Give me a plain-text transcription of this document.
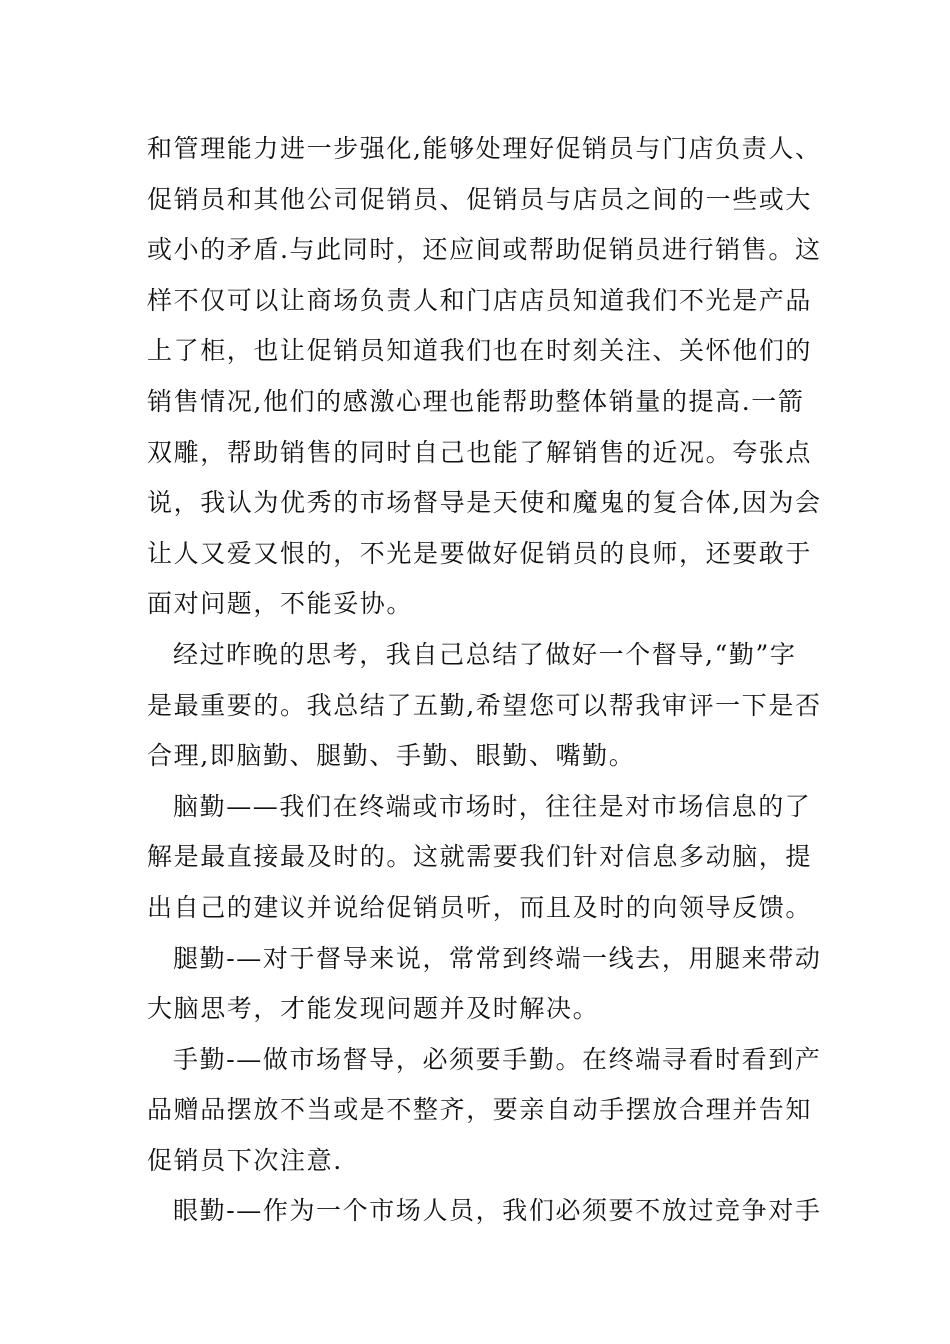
和管理能力进一步强化,能够处理好促销员与门店负责人、
促销员和其他公司促销员、促销员与店员之间的一些或大
或小的矛盾.与此同时，还应间或帮助促销员进行销售。这
样不仅可以让商场负责人和门店店员知道我们不光是产品
上了柜，也让促销员知道我们也在时刻关注、关怀他们的
销售情况,他们的感激心理也能帮助整体销量的提高.一箭
双雕，帮助销售的同时自己也能了解销售的近况。夸张点
说，我认为优秀的市场督导是天使和魔鬼的复合体,因为会
让人又爱又恨的，不光是要做好促销员的良师，还要敢于
面对问题，不能妥协。
经过昨晚的思考，我自己总结了做好一个督导,“勤”字
是最重要的。我总结了五勤,希望您可以帮我审评一下是否
合理,即脑勤、腿勤、手勤、眼勤、嘴勤。
脑勤——我们在终端或市场时，往往是对市场信息的了
解是最直接最及时的。这就需要我们针对信息多动脑，提
出自己的建议并说给促销员听，而且及时的向领导反馈。
腿勤-—对于督导来说，常常到终端一线去，用腿来带动
大脑思考，才能发现问题并及时解决。
手勤-—做市场督导，必须要手勤。在终端寻看时看到产
品赠品摆放不当或是不整齐，要亲自动手摆放合理并告知
促销员下次注意.
眼勤-—作为一个市场人员，我们必须要不放过竞争对手
